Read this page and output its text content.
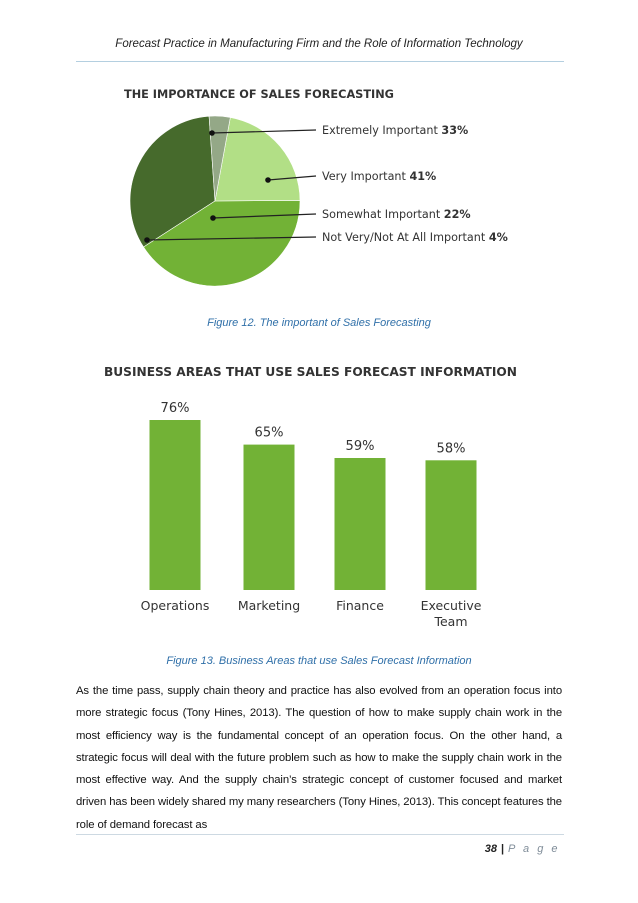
Forecast Practice in Manufacturing Firm and the Role of Information Technology
THE IMPORTANCE OF SALES FORECASTING
Extremely Important 33%
Very Important 41%
Somewhat Important 22%
Not Very/Not At All Important 4%
BUSINESS AREAS THAT USE SALES FORECAST INFORMATION
76%
Operations
65%
Marketing
59%
Finance
58%
Executive Team
Figure 12. The important of Sales Forecasting
Figure 13. Business Areas that use Sales Forecast Information
As the time pass, supply chain theory and practice has also evolved from an operation focus into more strategic focus (Tony Hines, 2013). The question of how to make supply chain work in the most efficiency way is the fundamental concept of an operation focus. On the other hand, a strategic focus will deal with the future problem such as how to make the supply chain work in the most effective way. And the supply chain’s strategic concept of customer focused and market driven has been widely shared my many researchers (Tony Hines, 2013). This concept features the role of demand forecast as
38 | P a g e
